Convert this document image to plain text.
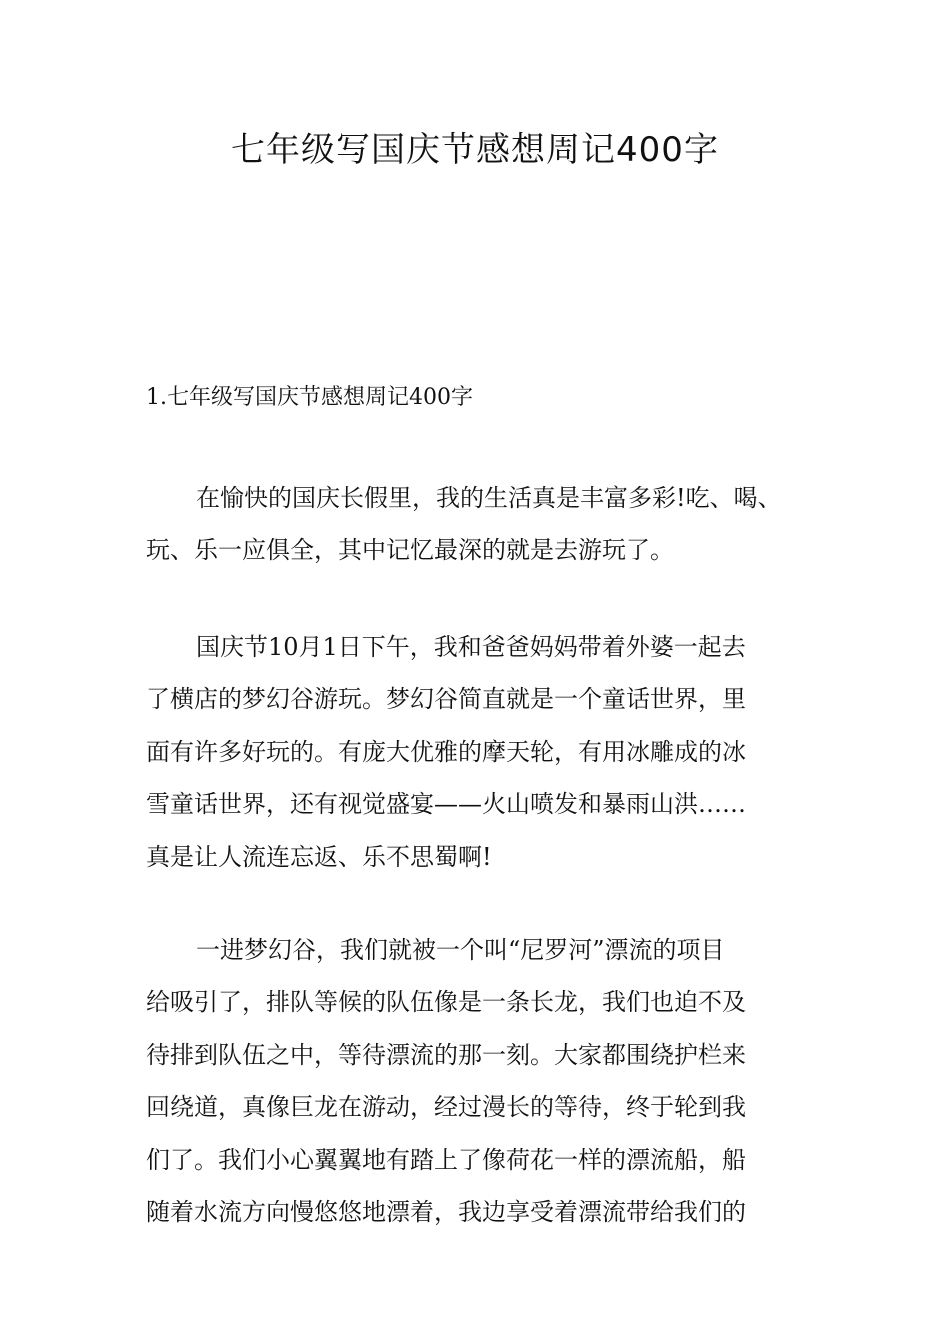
七年级写国庆节感想周记400字

1.七年级写国庆节感想周记400字

在愉快的国庆长假里，我的生活真是丰富多彩!吃、喝、
玩、乐一应俱全，其中记忆最深的就是去游玩了。
国庆节10月1日下午，我和爸爸妈妈带着外婆一起去
了横店的梦幻谷游玩。梦幻谷简直就是一个童话世界，里
面有许多好玩的。有庞大优雅的摩天轮，有用冰雕成的冰
雪童话世界，还有视觉盛宴——火山喷发和暴雨山洪……
真是让人流连忘返、乐不思蜀啊!
一进梦幻谷，我们就被一个叫“尼罗河”漂流的项目
给吸引了，排队等候的队伍像是一条长龙，我们也迫不及
待排到队伍之中，等待漂流的那一刻。大家都围绕护栏来
回绕道，真像巨龙在游动，经过漫长的等待，终于轮到我
们了。我们小心翼翼地有踏上了像荷花一样的漂流船，船
随着水流方向慢悠悠地漂着，我边享受着漂流带给我们的
